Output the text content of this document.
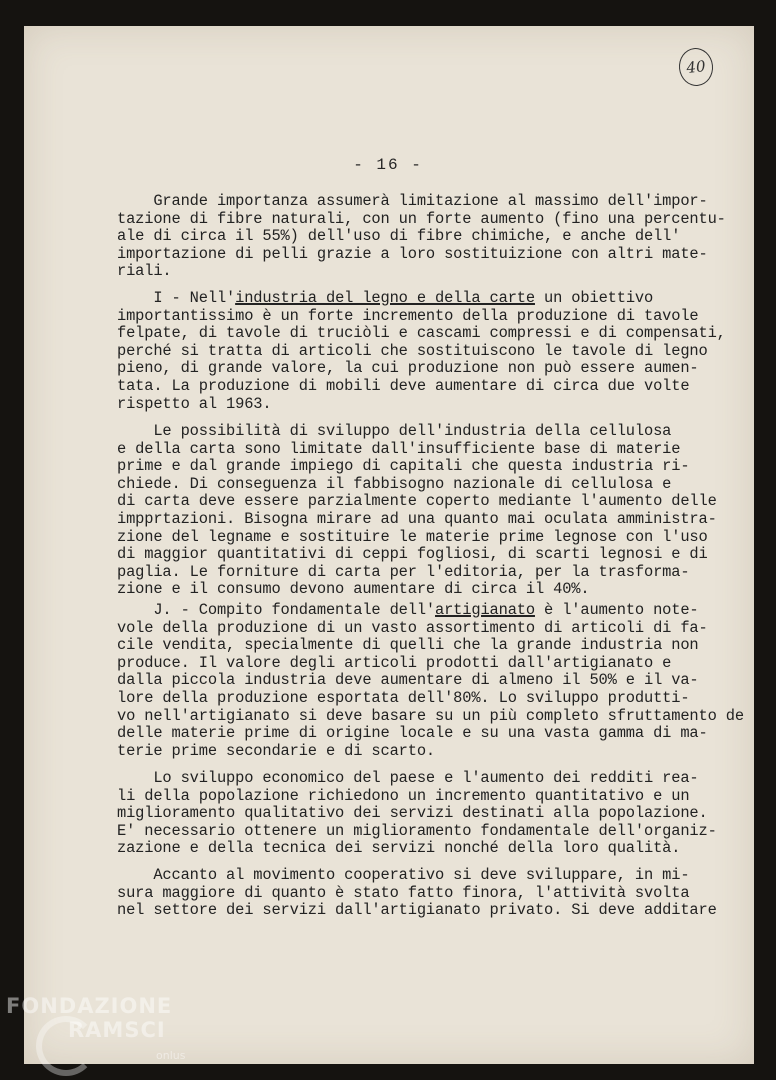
40
- 16 -
Grande importanza assumerà limitazione al massimo dell'impor-
tazione di fibre naturali, con un forte aumento (fino una percentu-
ale di circa il 55%) dell'uso di fibre chimiche, e anche dell'
importazione di pelli grazie a loro sostituizione con altri mate-
riali.
I - Nell'industria del legno e della carte un obiettivo
importantissimo è un forte incremento della produzione di tavole
felpate, di tavole di truciòli e cascami compressi e di compensati,
perché si tratta di articoli che sostituiscono le tavole di legno
pieno, di grande valore, la cui produzione non può essere aumen-
tata. La produzione di mobili deve aumentare di circa due volte
rispetto al 1963.
Le possibilità di sviluppo dell'industria della cellulosa
e della carta sono limitate dall'insufficiente base di materie
prime e dal grande impiego di capitali che questa industria ri-
chiede. Di conseguenza il fabbisogno nazionale di cellulosa e
di carta deve essere parzialmente coperto mediante l'aumento delle
impprtazioni. Bisogna mirare ad una quanto mai oculata amministra-
zione del legname e sostituire le materie prime legnose con l'uso
di maggior quantitativi di ceppi fogliosi, di scarti legnosi e di
paglia. Le forniture di carta per l'editoria, per la trasforma-
zione e il consumo devono aumentare di circa il 40%.
J. - Compito fondamentale dell'artigianato è l'aumento note-
vole della produzione di un vasto assortimento di articoli di fa-
cile vendita, specialmente di quelli che la grande industria non
produce. Il valore degli articoli prodotti dall'artigianato e
dalla piccola industria deve aumentare di almeno il 50% e il va-
lore della produzione esportata dell'80%. Lo sviluppo produtti-
vo nell'artigianato si deve basare su un più completo sfruttamento de
delle materie prime di origine locale e su una vasta gamma di ma-
terie prime secondarie e di scarto.
Lo sviluppo economico del paese e l'aumento dei redditi rea-
li della popolazione richiedono un incremento quantitativo e un
miglioramento qualitativo dei servizi destinati alla popolazione.
E' necessario ottenere un miglioramento fondamentale dell'organiz-
zazione e della tecnica dei servizi nonché della loro qualità.
Accanto al movimento cooperativo si deve sviluppare, in mi-
sura maggiore di quanto è stato fatto finora, l'attività svolta
nel settore dei servizi dall'artigianato privato. Si deve additare
FONDAZIONE
RAMSCI
onlus
